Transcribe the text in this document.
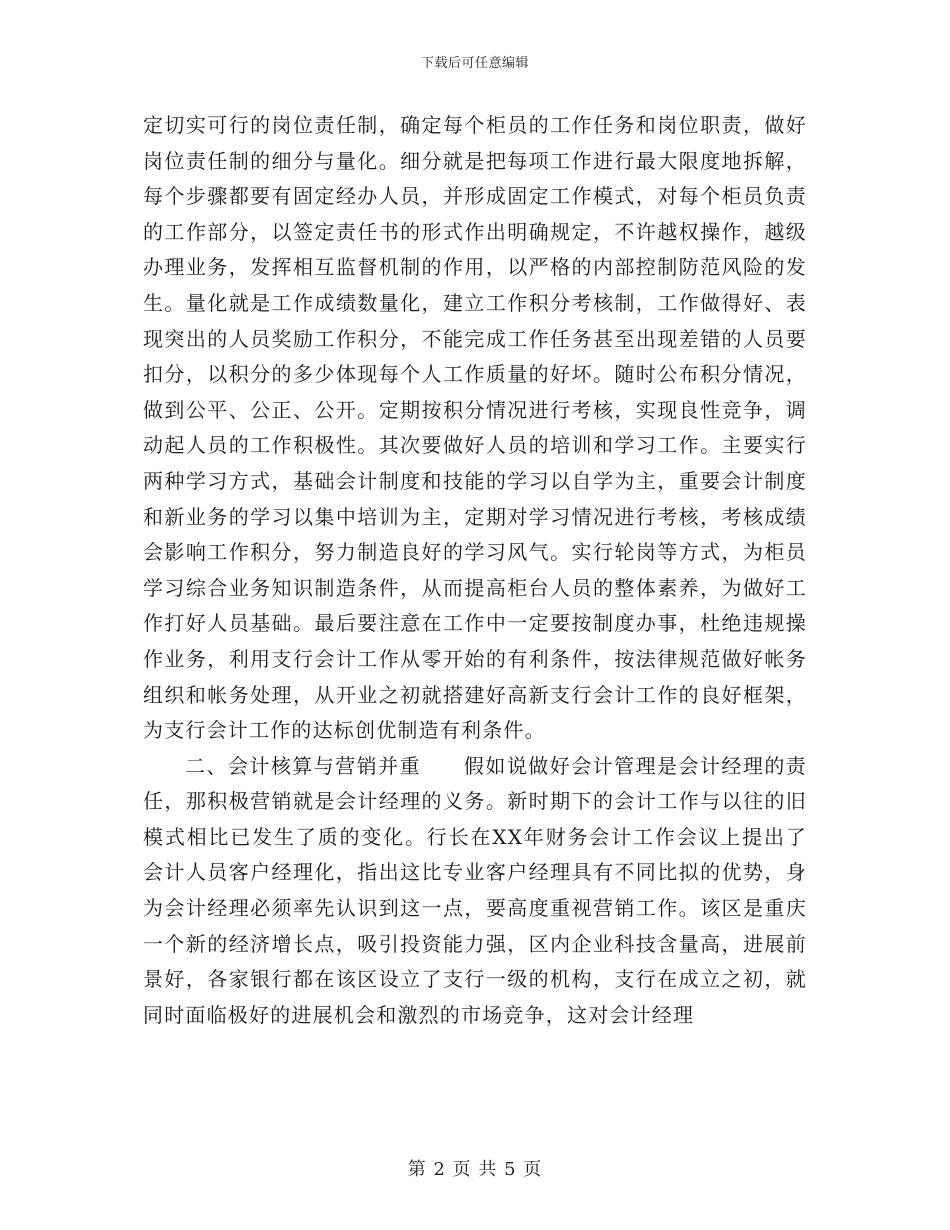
下载后可任意编辑

定切实可行的岗位责任制，确定每个柜员的工作任务和岗位职责，做好岗位责任制的细分与量化。细分就是把每项工作进行最大限度地拆解，每个步骤都要有固定经办人员，并形成固定工作模式，对每个柜员负责的工作部分，以签定责任书的形式作出明确规定，不许越权操作，越级办理业务，发挥相互监督机制的作用，以严格的内部控制防范风险的发生。量化就是工作成绩数量化，建立工作积分考核制，工作做得好、表现突出的人员奖励工作积分，不能完成工作任务甚至出现差错的人员要扣分，以积分的多少体现每个人工作质量的好坏。随时公布积分情况，做到公平、公正、公开。定期按积分情况进行考核，实现良性竞争，调动起人员的工作积极性。其次要做好人员的培训和学习工作。主要实行两种学习方式，基础会计制度和技能的学习以自学为主，重要会计制度和新业务的学习以集中培训为主，定期对学习情况进行考核，考核成绩会影响工作积分，努力制造良好的学习风气。实行轮岗等方式，为柜员学习综合业务知识制造条件，从而提高柜台人员的整体素养，为做好工作打好人员基础。最后要注意在工作中一定要按制度办事，杜绝违规操作业务，利用支行会计工作从零开始的有利条件，按法律规范做好帐务组织和帐务处理，从开业之初就搭建好高新支行会计工作的良好框架，为支行会计工作的达标创优制造有利条件。

二、会计核算与营销并重　　假如说做好会计管理是会计经理的责任，那积极营销就是会计经理的义务。新时期下的会计工作与以往的旧模式相比已发生了质的变化。行长在XX年财务会计工作会议上提出了会计人员客户经理化，指出这比专业客户经理具有不同比拟的优势，身为会计经理必须率先认识到这一点，要高度重视营销工作。该区是重庆一个新的经济增长点，吸引投资能力强，区内企业科技含量高，进展前景好，各家银行都在该区设立了支行一级的机构，支行在成立之初，就同时面临极好的进展机会和激烈的市场竞争，这对会计经理

第 2 页 共 5 页
